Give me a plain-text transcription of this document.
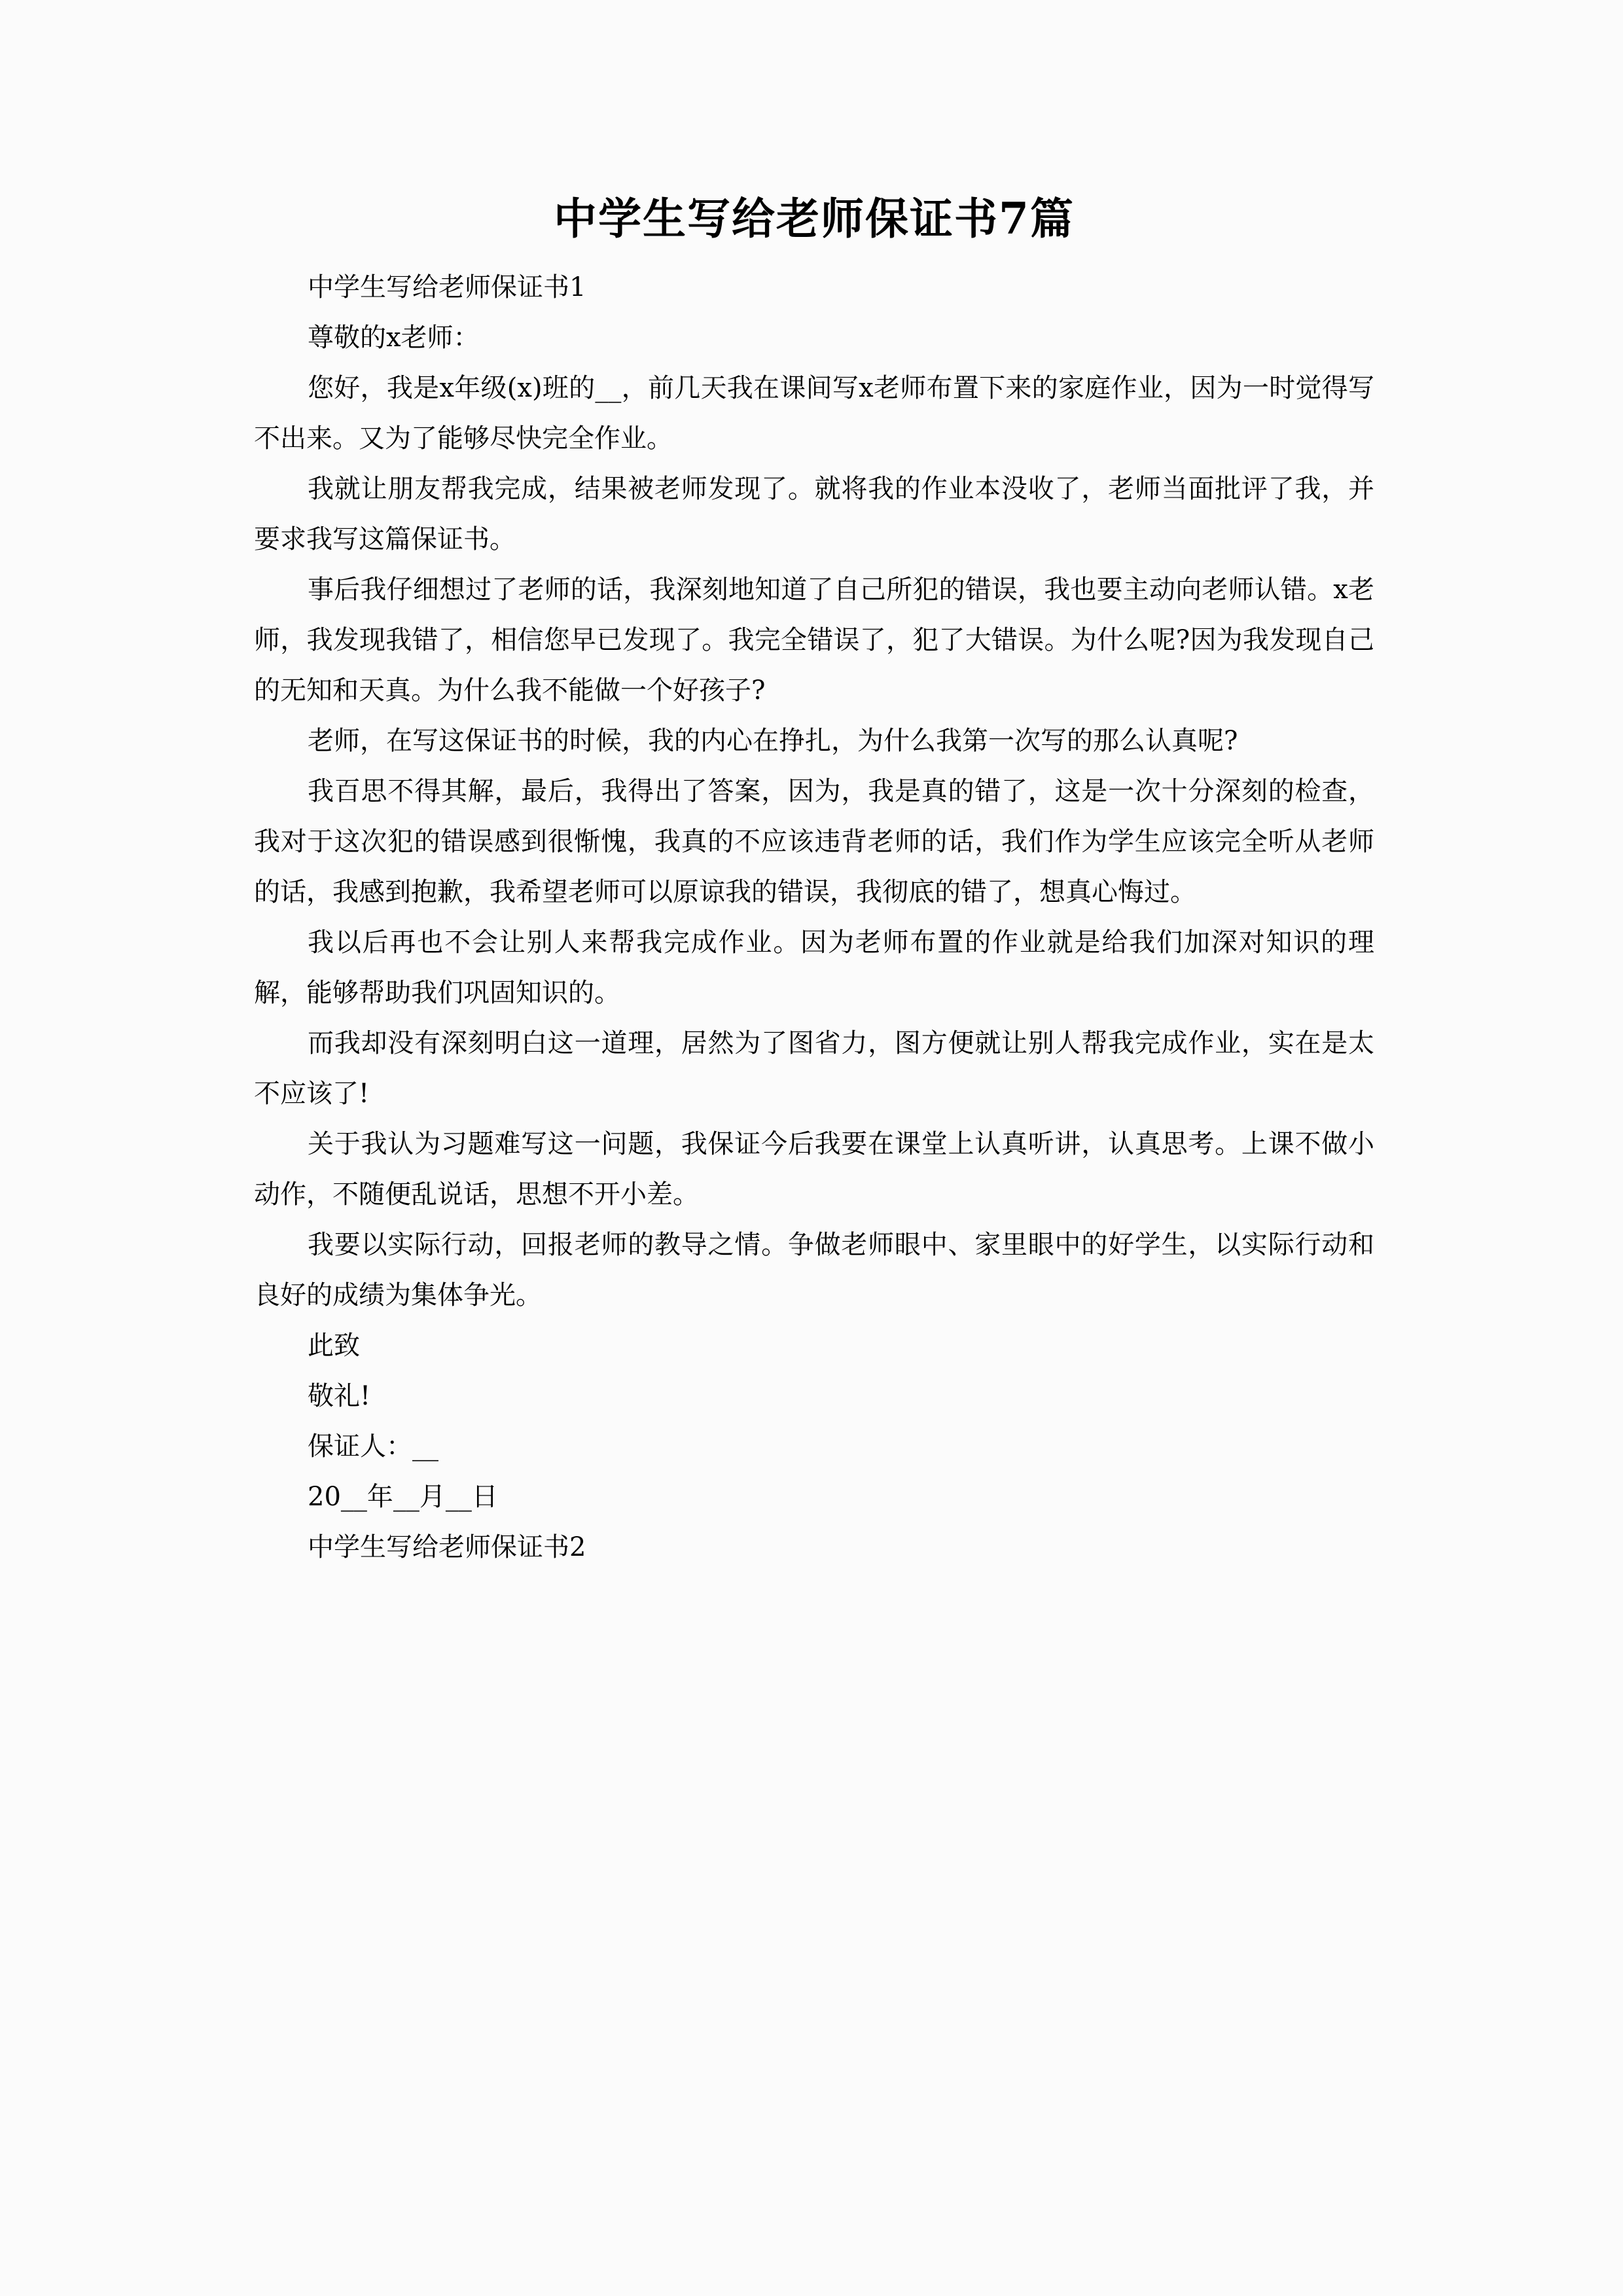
中学生写给老师保证书7篇

中学生写给老师保证书1

尊敬的x老师：

您好，我是x年级(x)班的__，前几天我在课间写x老师布置下来的家庭作业，因为一时觉得写不出来。又为了能够尽快完全作业。

我就让朋友帮我完成，结果被老师发现了。就将我的作业本没收了，老师当面批评了我，并要求我写这篇保证书。

事后我仔细想过了老师的话，我深刻地知道了自己所犯的错误，我也要主动向老师认错。x老师，我发现我错了，相信您早已发现了。我完全错误了，犯了大错误。为什么呢?因为我发现自己的无知和天真。为什么我不能做一个好孩子?

老师，在写这保证书的时候，我的内心在挣扎，为什么我第一次写的那么认真呢?

我百思不得其解，最后，我得出了答案，因为，我是真的错了，这是一次十分深刻的检查，我对于这次犯的错误感到很惭愧，我真的不应该违背老师的话，我们作为学生应该完全听从老师的话，我感到抱歉，我希望老师可以原谅我的错误，我彻底的错了，想真心悔过。

我以后再也不会让别人来帮我完成作业。因为老师布置的作业就是给我们加深对知识的理解，能够帮助我们巩固知识的。

而我却没有深刻明白这一道理，居然为了图省力，图方便就让别人帮我完成作业，实在是太不应该了!

关于我认为习题难写这一问题，我保证今后我要在课堂上认真听讲，认真思考。上课不做小动作，不随便乱说话，思想不开小差。

我要以实际行动，回报老师的教导之情。争做老师眼中、家里眼中的好学生，以实际行动和良好的成绩为集体争光。

此致

敬礼!

保证人：__

20__年__月__日

中学生写给老师保证书2
